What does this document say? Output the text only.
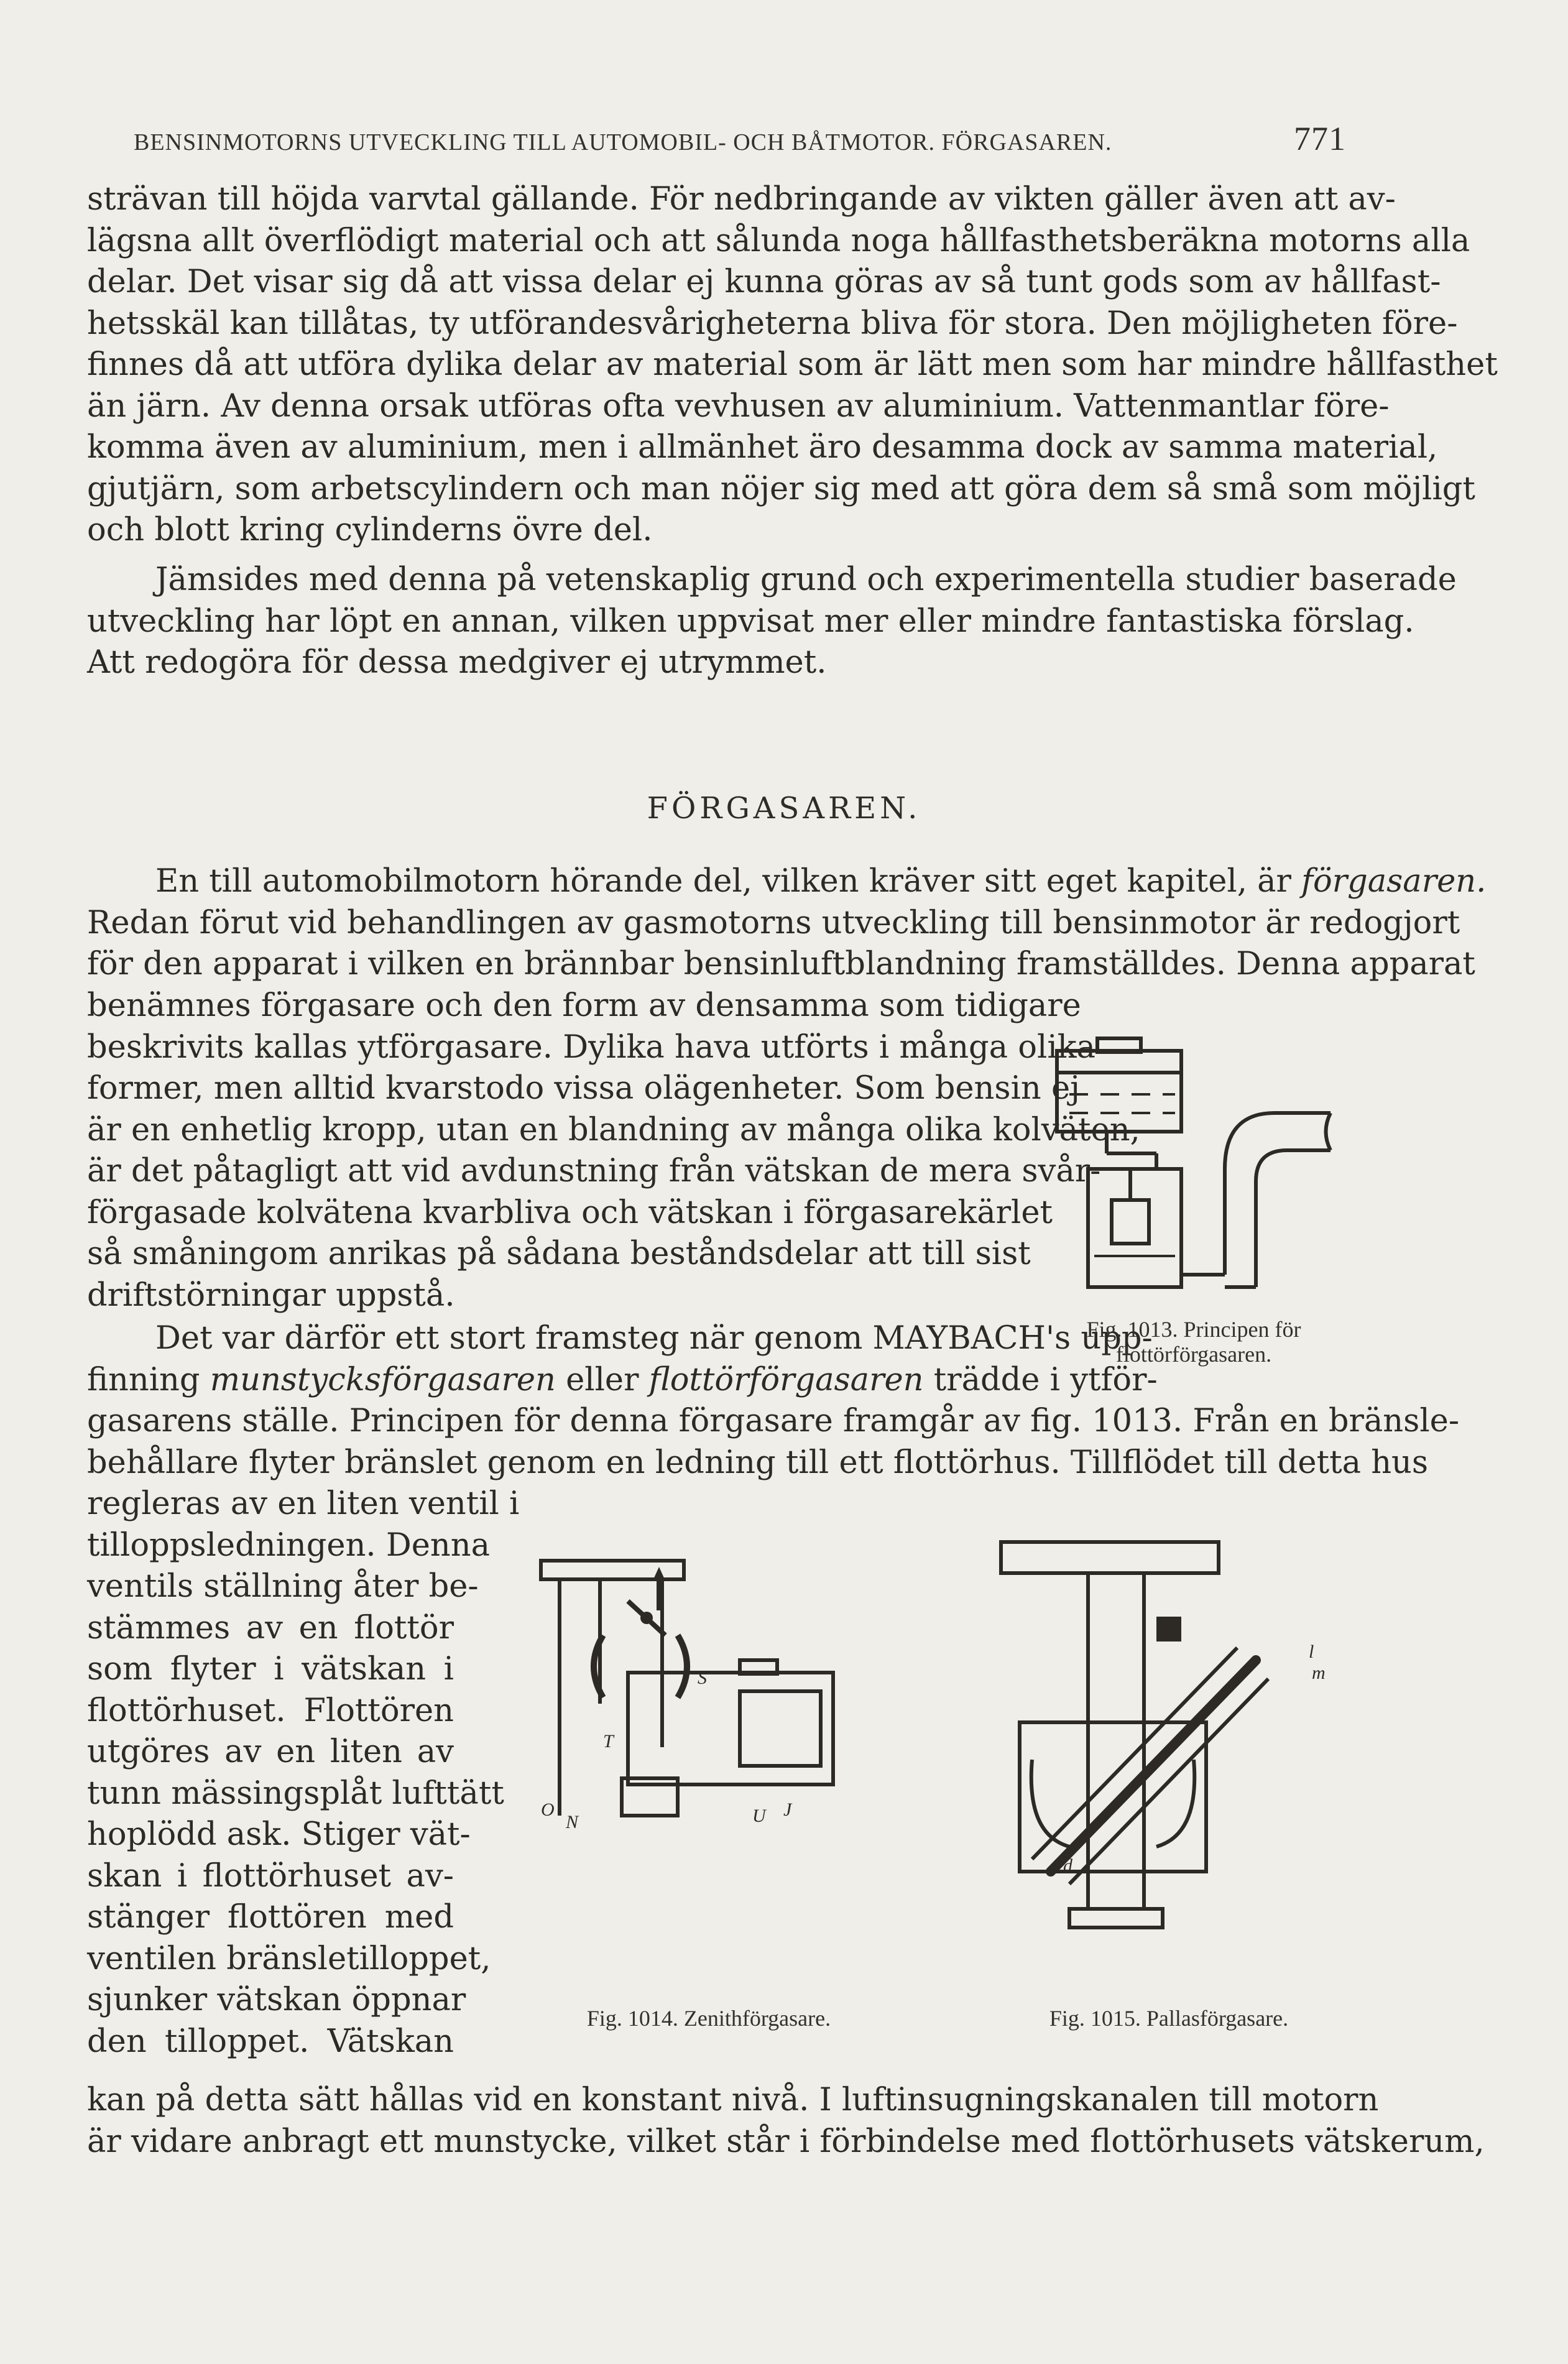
BENSINMOTORNS UTVECKLING TILL AUTOMOBIL- OCH BÅTMOTOR. FÖRGASAREN.	771
strävan till höjda varvtal gällande. För nedbringande av vikten gäller även att av-
lägsna allt överflödigt material och att sålunda noga hållfasthetsberäkna motorns alla
delar. Det visar sig då att vissa delar ej kunna göras av så tunt gods som av hållfast-
hetsskäl kan tillåtas, ty utförandesvårigheterna bliva för stora. Den möjligheten före-
finnes då att utföra dylika delar av material som är lätt men som har mindre hållfasthet
än järn. Av denna orsak utföras ofta vevhusen av aluminium. Vattenmantlar före-
komma även av aluminium, men i allmänhet äro desamma dock av samma material,
gjutjärn, som arbetscylindern och man nöjer sig med att göra dem så små som möjligt
och blott kring cylinderns övre del.
Jämsides med denna på vetenskaplig grund och experimentella studier baserade
utveckling har löpt en annan, vilken uppvisat mer eller mindre fantastiska förslag.
Att redogöra för dessa medgiver ej utrymmet.
FÖRGASAREN.
En till automobilmotorn hörande del, vilken kräver sitt eget kapitel, är förgasaren.
Redan förut vid behandlingen av gasmotorns utveckling till bensinmotor är redogjort
för den apparat i vilken en brännbar bensinluftblandning framställdes. Denna apparat
benämnes förgasare och den form av densamma som tidigare
beskrivits kallas ytförgasare. Dylika hava utförts i många olika
former, men alltid kvarstodo vissa olägenheter. Som bensin ej
är en enhetlig kropp, utan en blandning av många olika kolväten,
är det påtagligt att vid avdunstning från vätskan de mera svår-
förgasade kolvätena kvarbliva och vätskan i förgasarekärlet
så småningom anrikas på sådana beståndsdelar att till sist
driftstörningar uppstå.
Det var därför ett stort framsteg när genom MAYBACH's upp-
finning munstycksförgasaren eller flottörförgasaren trädde i ytför-
gasarens ställe. Principen för denna förgasare framgår av fig. 1013. Från en bränsle-
behållare flyter bränslet genom en ledning till ett flottörhus. Tillflödet till detta hus
regleras av en liten ventil i
tilloppsledningen. Denna
ventils ställning åter be-
stämmes av en flottör
som flyter i vätskan i
flottörhuset. Flottören
utgöres av en liten av
tunn mässingsplåt lufttätt
hoplödd ask. Stiger vät-
skan i flottörhuset av-
stänger flottören med
ventilen bränsletilloppet,
sjunker vätskan öppnar
den tilloppet. Vätskan
kan på detta sätt hållas vid en konstant nivå. I luftinsugningskanalen till motorn
är vidare anbragt ett munstycke, vilket står i förbindelse med flottörhusets vätskerum,
Fig. 1013. Principen för flottörförgasaren.
S
T
O
N	U J
Fig. 1014. Zenithförgasare.
l
m
d
Fig. 1015. Pallasförgasare.
